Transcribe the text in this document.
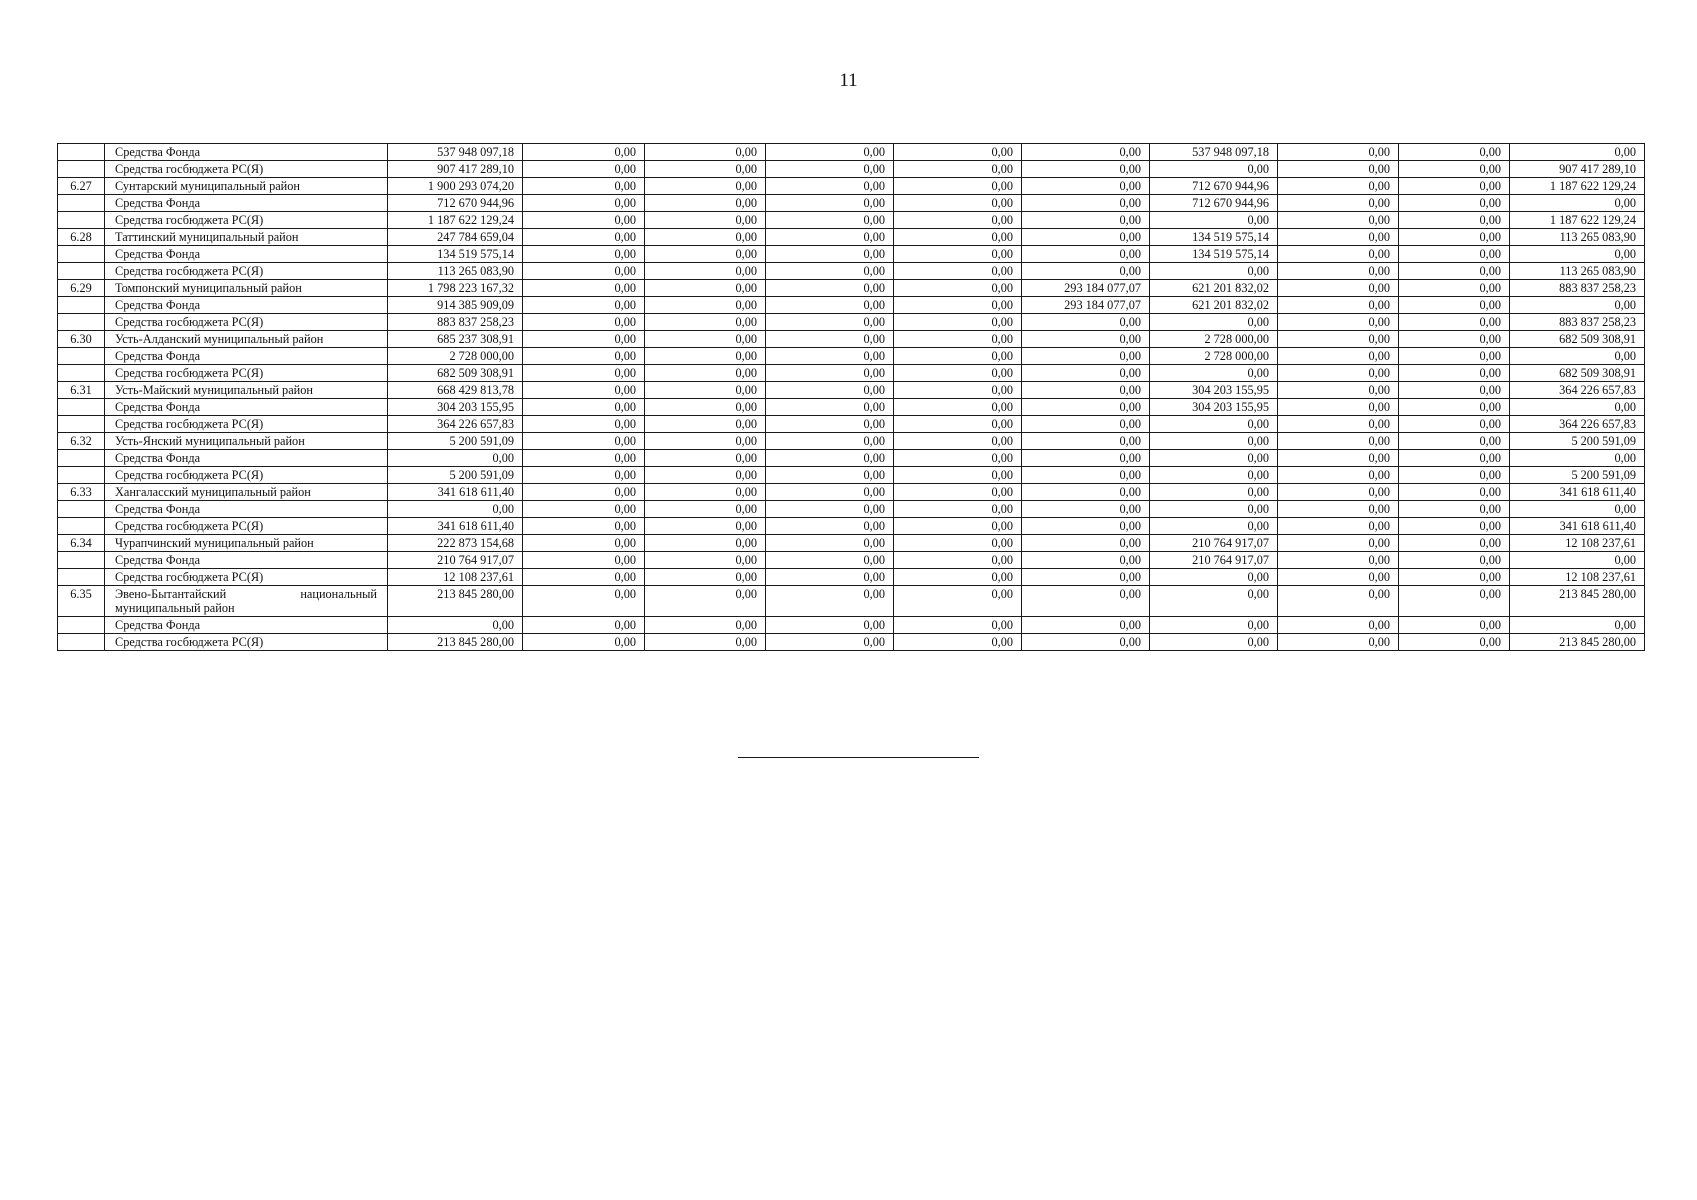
11
	Средства Фонда	537 948 097,18	0,00	0,00	0,00	0,00	0,00	537 948 097,18	0,00	0,00	0,00
	Средства госбюджета РС(Я)	907 417 289,10	0,00	0,00	0,00	0,00	0,00	0,00	0,00	0,00	907 417 289,10
6.27	Сунтарский муниципальный район	1 900 293 074,20	0,00	0,00	0,00	0,00	0,00	712 670 944,96	0,00	0,00	1 187 622 129,24
	Средства Фонда	712 670 944,96	0,00	0,00	0,00	0,00	0,00	712 670 944,96	0,00	0,00	0,00
	Средства госбюджета РС(Я)	1 187 622 129,24	0,00	0,00	0,00	0,00	0,00	0,00	0,00	0,00	1 187 622 129,24
6.28	Таттинский муниципальный район	247 784 659,04	0,00	0,00	0,00	0,00	0,00	134 519 575,14	0,00	0,00	113 265 083,90
	Средства Фонда	134 519 575,14	0,00	0,00	0,00	0,00	0,00	134 519 575,14	0,00	0,00	0,00
	Средства госбюджета РС(Я)	113 265 083,90	0,00	0,00	0,00	0,00	0,00	0,00	0,00	0,00	113 265 083,90
6.29	Томпонский муниципальный район	1 798 223 167,32	0,00	0,00	0,00	0,00	293 184 077,07	621 201 832,02	0,00	0,00	883 837 258,23
	Средства Фонда	914 385 909,09	0,00	0,00	0,00	0,00	293 184 077,07	621 201 832,02	0,00	0,00	0,00
	Средства госбюджета РС(Я)	883 837 258,23	0,00	0,00	0,00	0,00	0,00	0,00	0,00	0,00	883 837 258,23
6.30	Усть-Алданский муниципальный район	685 237 308,91	0,00	0,00	0,00	0,00	0,00	2 728 000,00	0,00	0,00	682 509 308,91
	Средства Фонда	2 728 000,00	0,00	0,00	0,00	0,00	0,00	2 728 000,00	0,00	0,00	0,00
	Средства госбюджета РС(Я)	682 509 308,91	0,00	0,00	0,00	0,00	0,00	0,00	0,00	0,00	682 509 308,91
6.31	Усть-Майский муниципальный район	668 429 813,78	0,00	0,00	0,00	0,00	0,00	304 203 155,95	0,00	0,00	364 226 657,83
	Средства Фонда	304 203 155,95	0,00	0,00	0,00	0,00	0,00	304 203 155,95	0,00	0,00	0,00
	Средства госбюджета РС(Я)	364 226 657,83	0,00	0,00	0,00	0,00	0,00	0,00	0,00	0,00	364 226 657,83
6.32	Усть-Янский муниципальный район	5 200 591,09	0,00	0,00	0,00	0,00	0,00	0,00	0,00	0,00	5 200 591,09
	Средства Фонда	0,00	0,00	0,00	0,00	0,00	0,00	0,00	0,00	0,00	0,00
	Средства госбюджета РС(Я)	5 200 591,09	0,00	0,00	0,00	0,00	0,00	0,00	0,00	0,00	5 200 591,09
6.33	Хангаласский муниципальный район	341 618 611,40	0,00	0,00	0,00	0,00	0,00	0,00	0,00	0,00	341 618 611,40
	Средства Фонда	0,00	0,00	0,00	0,00	0,00	0,00	0,00	0,00	0,00	0,00
	Средства госбюджета РС(Я)	341 618 611,40	0,00	0,00	0,00	0,00	0,00	0,00	0,00	0,00	341 618 611,40
6.34	Чурапчинский муниципальный район	222 873 154,68	0,00	0,00	0,00	0,00	0,00	210 764 917,07	0,00	0,00	12 108 237,61
	Средства Фонда	210 764 917,07	0,00	0,00	0,00	0,00	0,00	210 764 917,07	0,00	0,00	0,00
	Средства госбюджета РС(Я)	12 108 237,61	0,00	0,00	0,00	0,00	0,00	0,00	0,00	0,00	12 108 237,61
6.35	Эвено-Бытантайский национальный муниципальный район	213 845 280,00	0,00	0,00	0,00	0,00	0,00	0,00	0,00	0,00	213 845 280,00
	Средства Фонда	0,00	0,00	0,00	0,00	0,00	0,00	0,00	0,00	0,00	0,00
	Средства госбюджета РС(Я)	213 845 280,00	0,00	0,00	0,00	0,00	0,00	0,00	0,00	0,00	213 845 280,00
